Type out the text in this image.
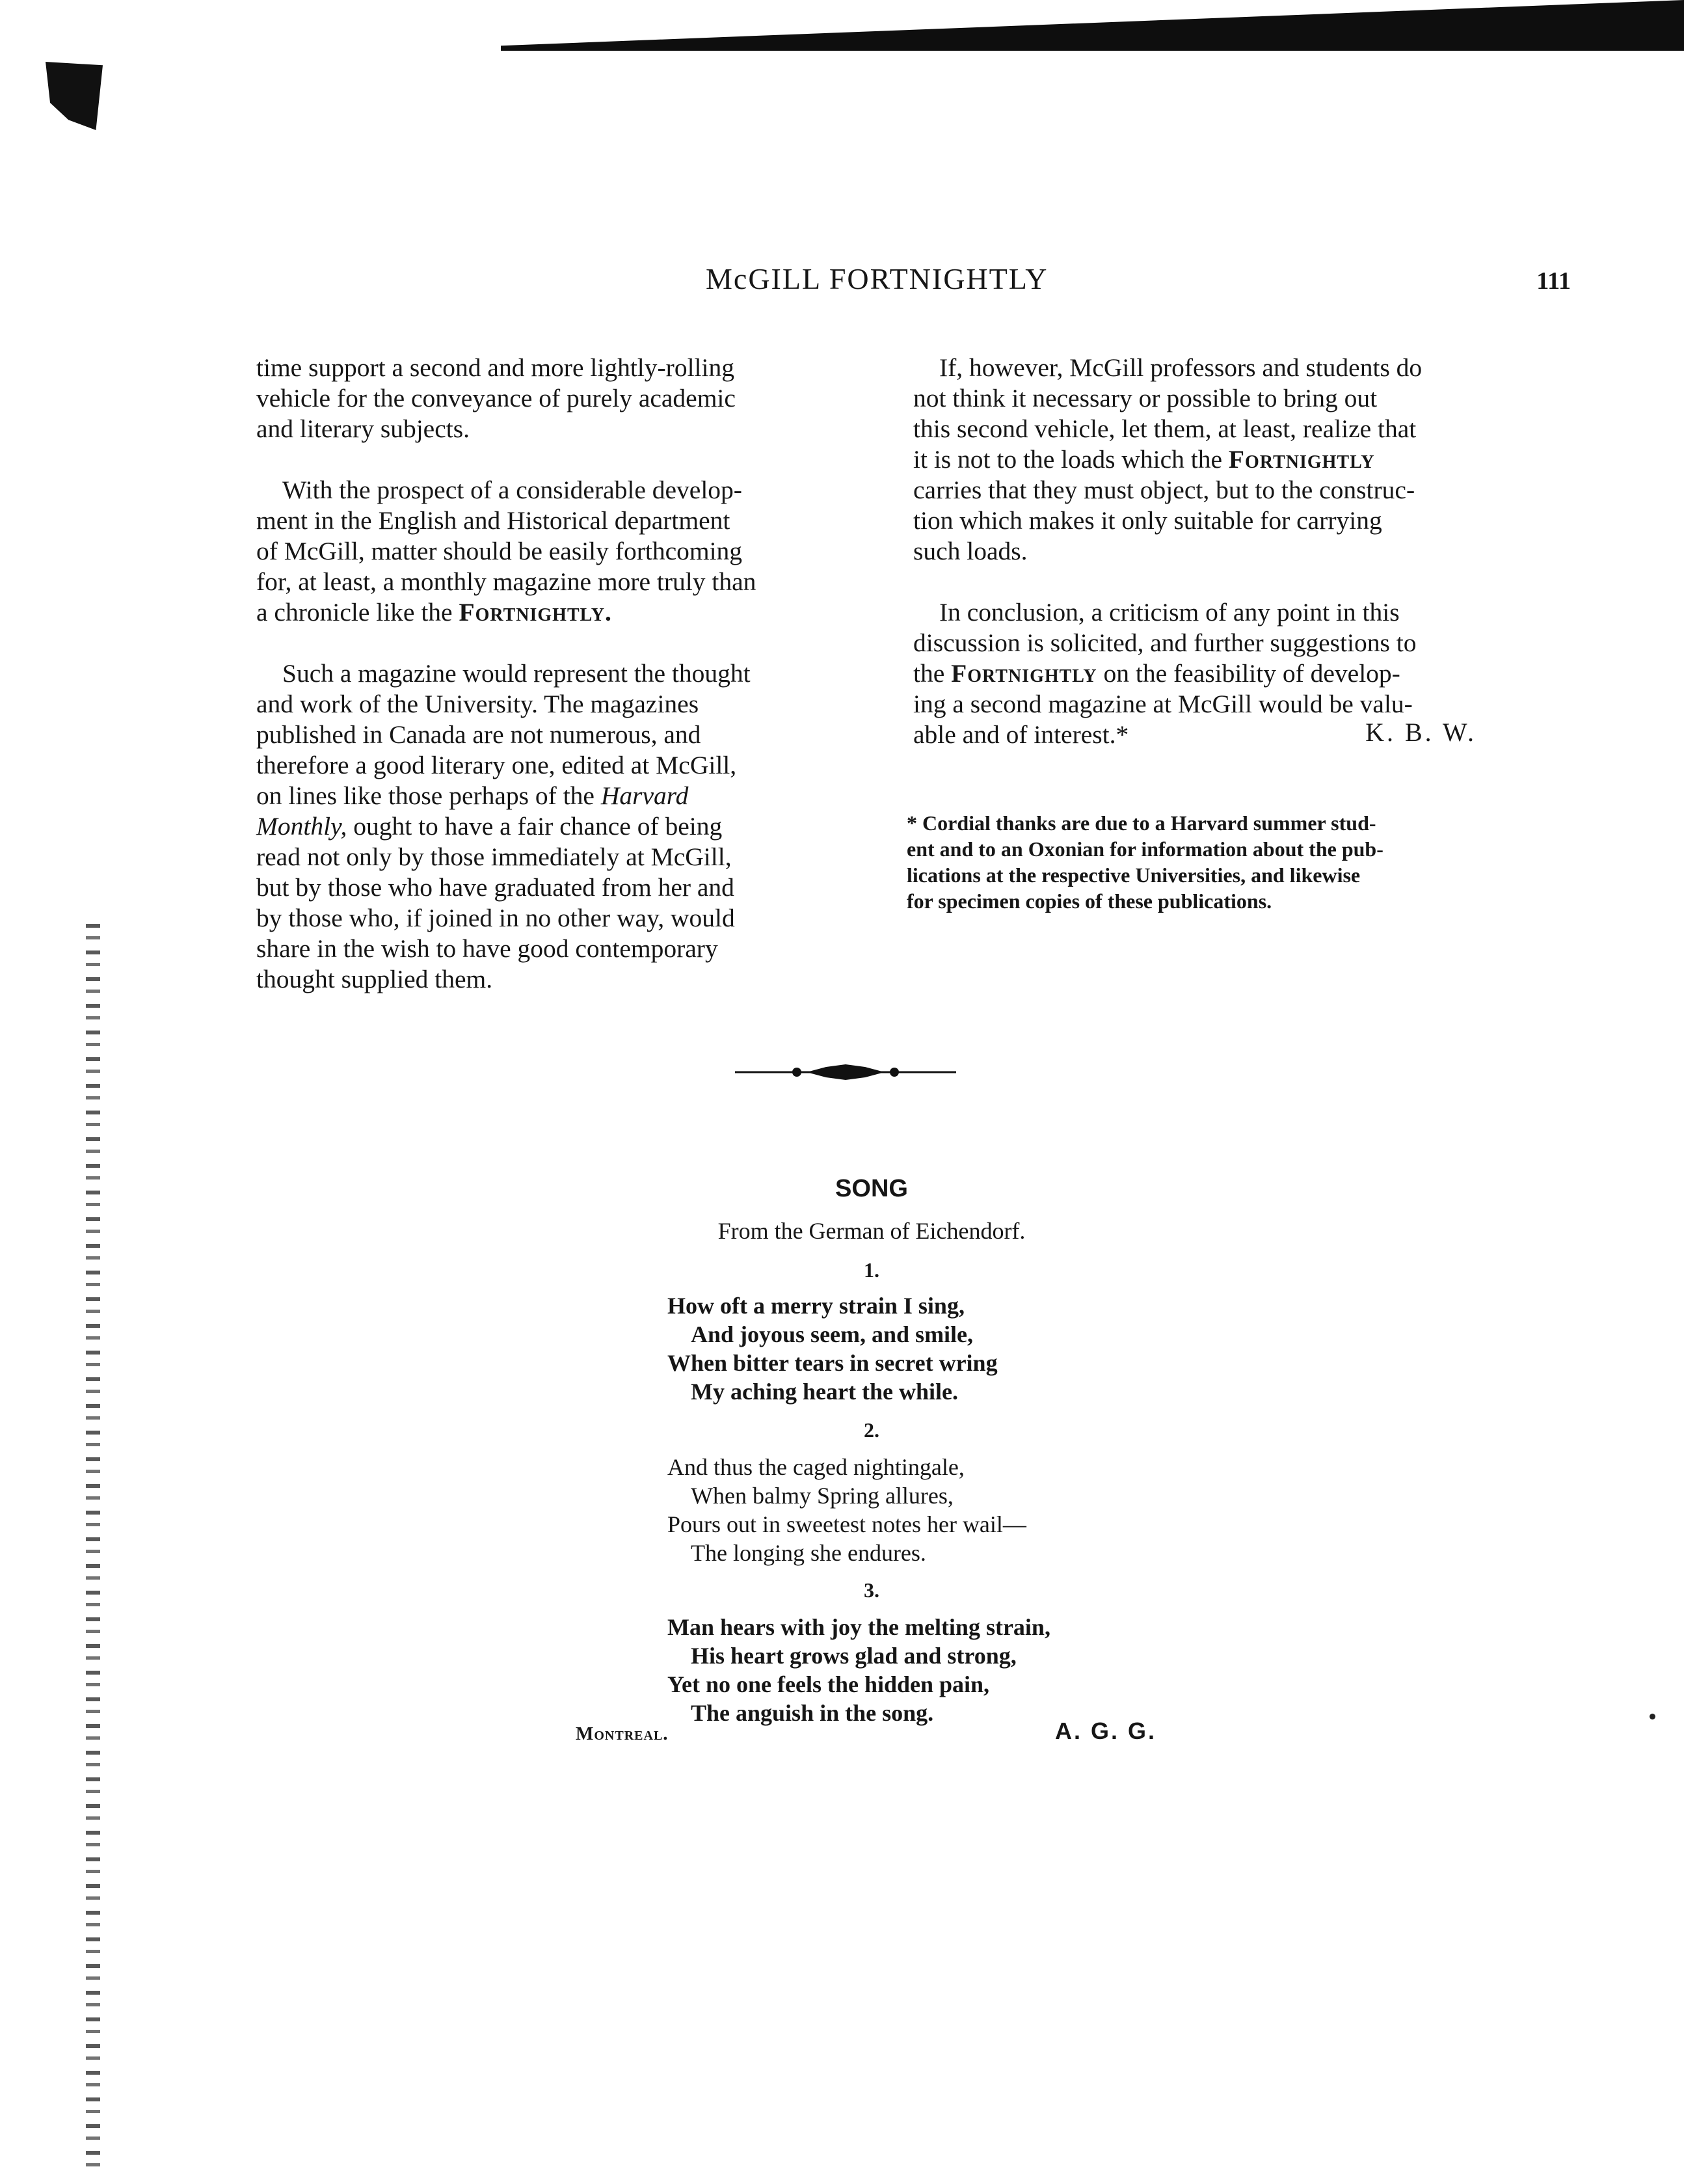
McGILL FORTNIGHTLY	111

time support a second and more lightly-rolling
vehicle for the conveyance of purely academic
and literary subjects.

With the prospect of a considerable develop-
ment in the English and Historical department
of McGill, matter should be easily forthcoming
for, at least, a monthly magazine more truly than
a chronicle like the Fortnightly.

Such a magazine would represent the thought
and work of the University. The magazines
published in Canada are not numerous, and
therefore a good literary one, edited at McGill,
on lines like those perhaps of the Harvard
Monthly, ought to have a fair chance of being
read not only by those immediately at McGill,
but by those who have graduated from her and
by those who, if joined in no other way, would
share in the wish to have good contemporary
thought supplied them.

If, however, McGill professors and students do
not think it necessary or possible to bring out
this second vehicle, let them, at least, realize that
it is not to the loads which the Fortnightly
carries that they must object, but to the construc-
tion which makes it only suitable for carrying
such loads.

In conclusion, a criticism of any point in this
discussion is solicited, and further suggestions to
the Fortnightly on the feasibility of develop-
ing a second magazine at McGill would be valu-
able and of interest.*	K. B. W.

* Cordial thanks are due to a Harvard summer stud-
ent and to an Oxonian for information about the pub-
lications at the respective Universities, and likewise
for specimen copies of these publications.

SONG
From the German of Eichendorf.
1.
How oft a merry strain I sing,
And joyous seem, and smile,
When bitter tears in secret wring
My aching heart the while.
2.
And thus the caged nightingale,
When balmy Spring allures,
Pours out in sweetest notes her wail—
The longing she endures.
3.
Man hears with joy the melting strain,
His heart grows glad and strong,
Yet no one feels the hidden pain,
The anguish in the song.
Montreal.	A. G. G.
